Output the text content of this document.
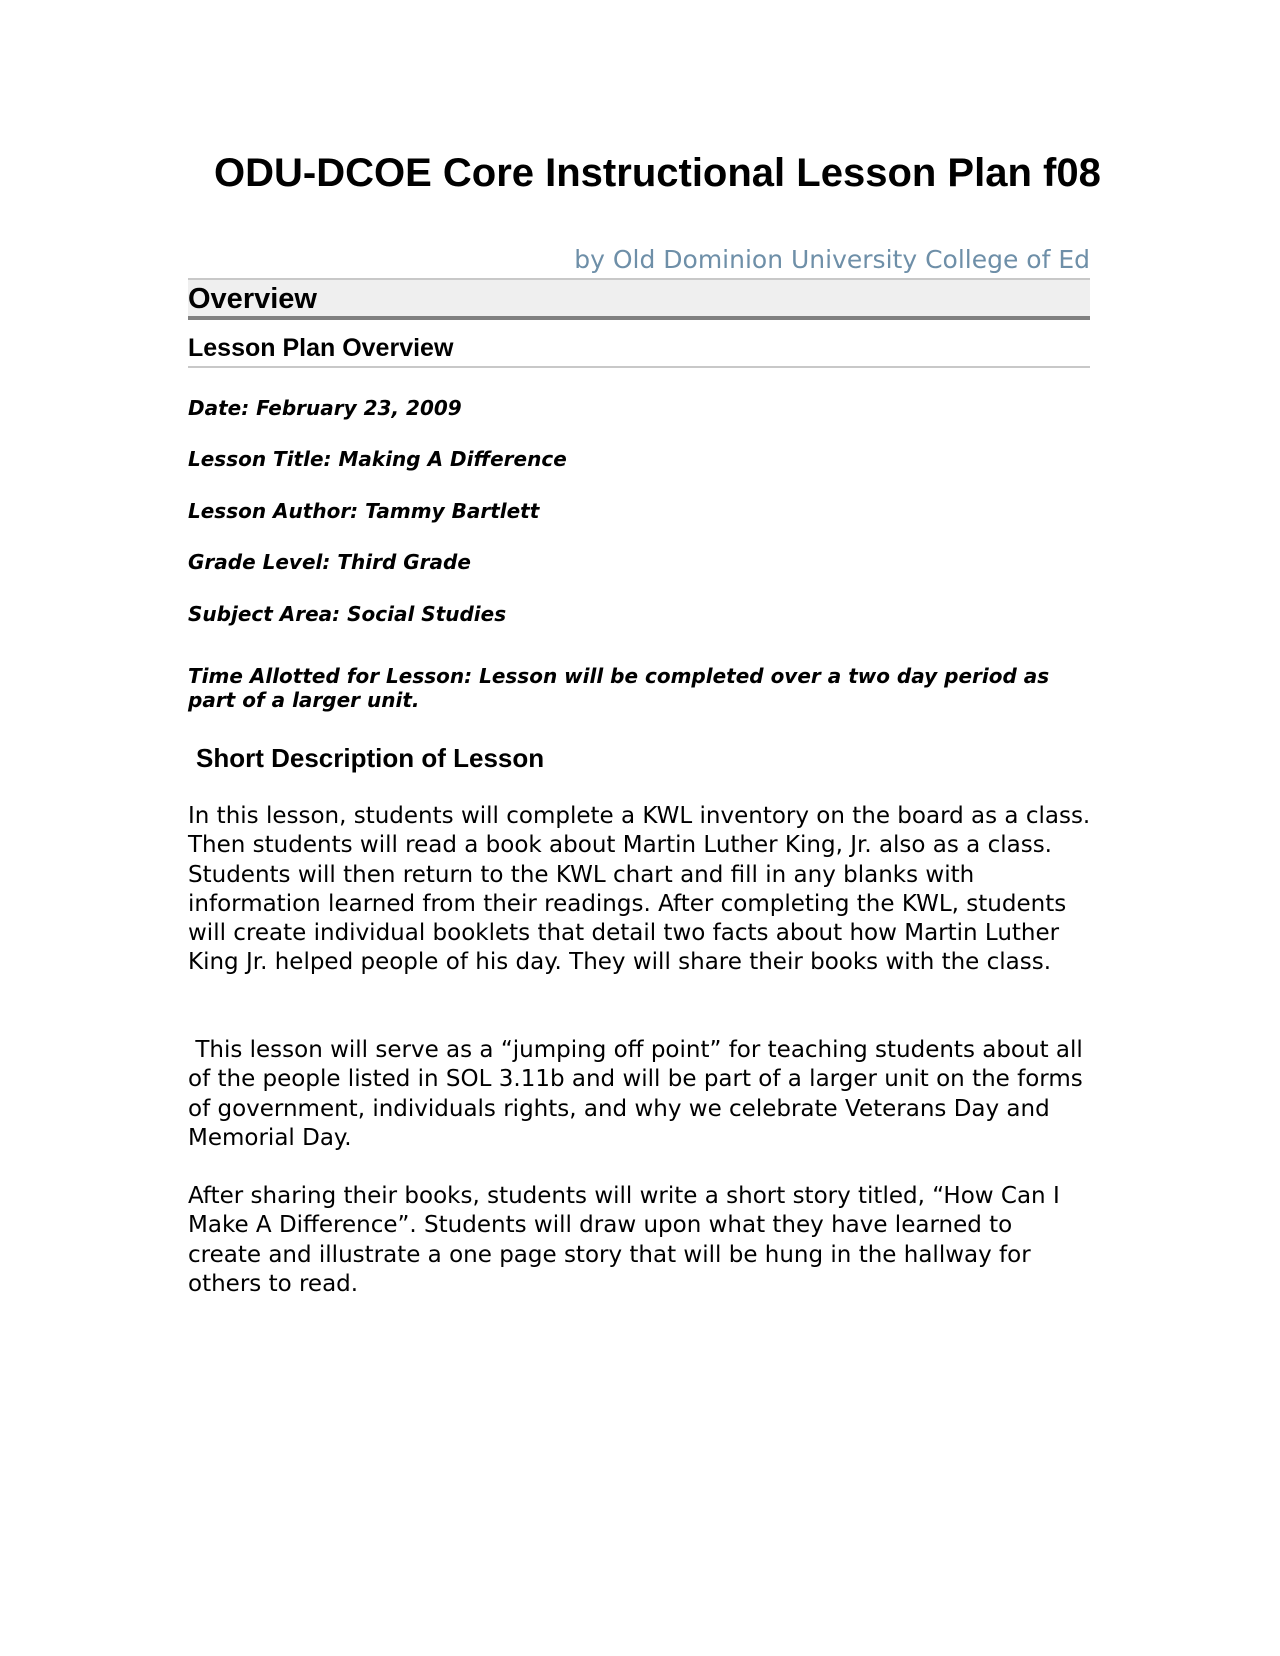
ODU-DCOE Core Instructional Lesson Plan f08
by Old Dominion University College of Ed
Overview
Lesson Plan Overview

Date: February 23, 2009

Lesson Title: Making A Difference

Lesson Author: Tammy Bartlett

Grade Level: Third Grade

Subject Area: Social Studies

Time Allotted for Lesson: Lesson will be completed over a two day period as part of a larger unit.

Short Description of Lesson

In this lesson, students will complete a KWL inventory on the board as a class. Then students will read a book about Martin Luther King, Jr. also as a class. Students will then return to the KWL chart and fill in any blanks with information learned from their readings. After completing the KWL, students will create individual booklets that detail two facts about how Martin Luther King Jr. helped people of his day. They will share their books with the class.

This lesson will serve as a “jumping off point” for teaching students about all of the people listed in SOL 3.11b and will be part of a larger unit on the forms of government, individuals rights, and why we celebrate Veterans Day and Memorial Day.

After sharing their books, students will write a short story titled, “How Can I Make A Difference”. Students will draw upon what they have learned to create and illustrate a one page story that will be hung in the hallway for others to read.
